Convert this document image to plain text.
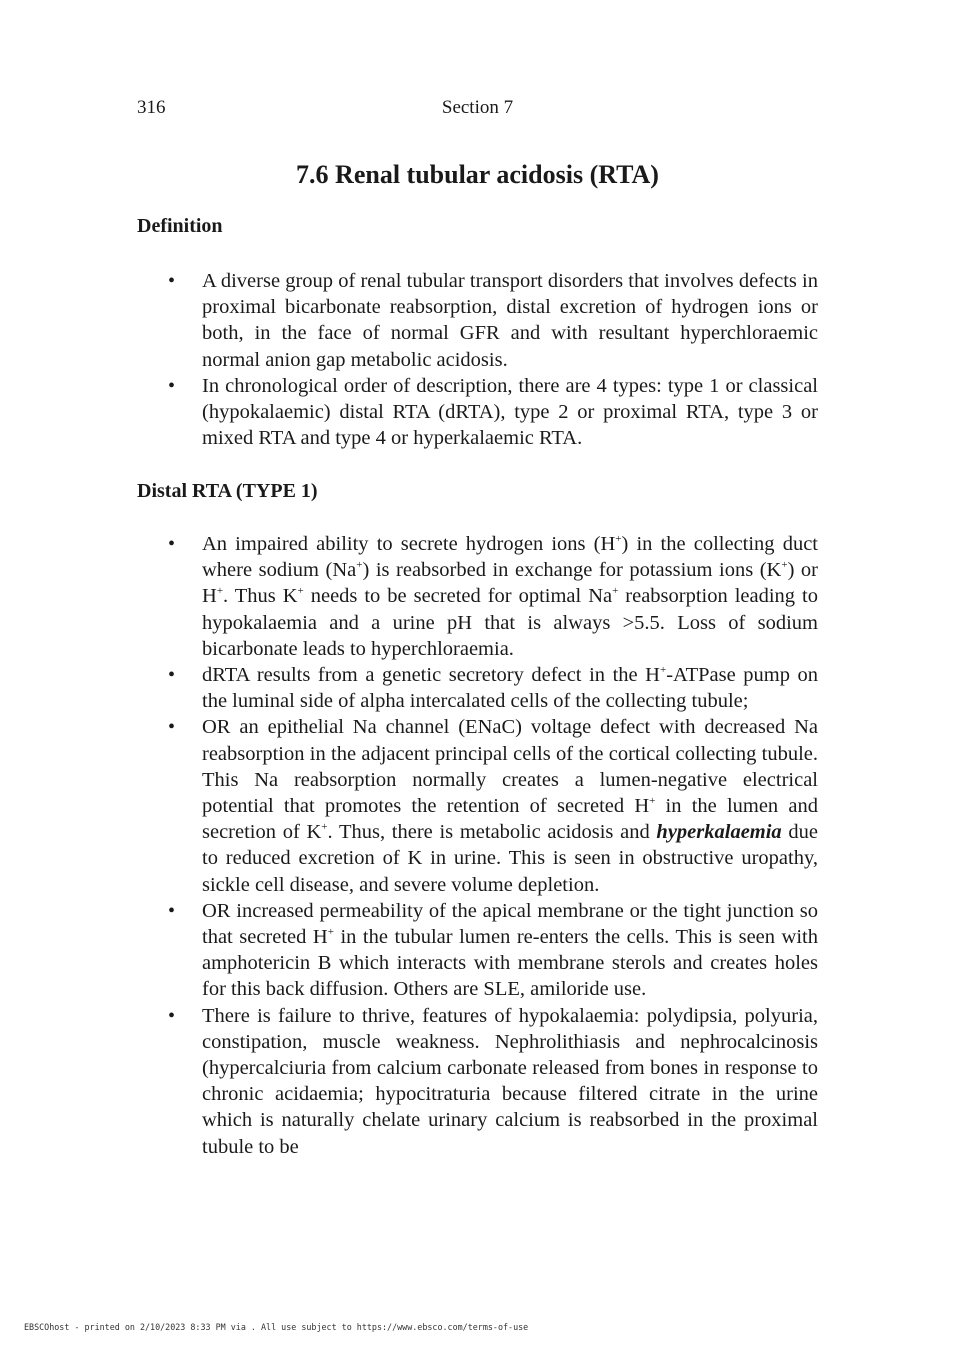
316	Section 7
7.6 Renal tubular acidosis (RTA)
Definition
• A diverse group of renal tubular transport disorders that involves defects in proximal bicarbonate reabsorption, distal excretion of hydrogen ions or both, in the face of normal GFR and with resultant hyperchloraemic normal anion gap metabolic acidosis.
• In chronological order of description, there are 4 types: type 1 or classical (hypokalaemic) distal RTA (dRTA), type 2 or proximal RTA, type 3 or mixed RTA and type 4 or hyperkalaemic RTA.
Distal RTA (TYPE 1)
• An impaired ability to secrete hydrogen ions (H+) in the collecting duct where sodium (Na+) is reabsorbed in exchange for potassium ions (K+) or H+. Thus K+ needs to be secreted for optimal Na+ reabsorption leading to hypokalaemia and a urine pH that is always >5.5. Loss of sodium bicarbonate leads to hyperchloraemia.
• dRTA results from a genetic secretory defect in the H+-ATPase pump on the luminal side of alpha intercalated cells of the collecting tubule;
• OR an epithelial Na channel (ENaC) voltage defect with decreased Na reabsorption in the adjacent principal cells of the cortical collecting tubule. This Na reabsorption normally creates a lumen-negative electrical potential that promotes the retention of secreted H+ in the lumen and secretion of K+. Thus, there is metabolic acidosis and hyperkalaemia due to reduced excretion of K in urine. This is seen in obstructive uropathy, sickle cell disease, and severe volume depletion.
• OR increased permeability of the apical membrane or the tight junction so that secreted H+ in the tubular lumen re-enters the cells. This is seen with amphotericin B which interacts with membrane sterols and creates holes for this back diffusion. Others are SLE, amiloride use.
• There is failure to thrive, features of hypokalaemia: polydipsia, polyuria, constipation, muscle weakness. Nephrolithiasis and nephrocalcinosis (hypercalciuria from calcium carbonate released from bones in response to chronic acidaemia; hypocitraturia because filtered citrate in the urine which is naturally chelate urinary calcium is reabsorbed in the proximal tubule to be
EBSCOhost - printed on 2/10/2023 8:33 PM via . All use subject to https://www.ebsco.com/terms-of-use
